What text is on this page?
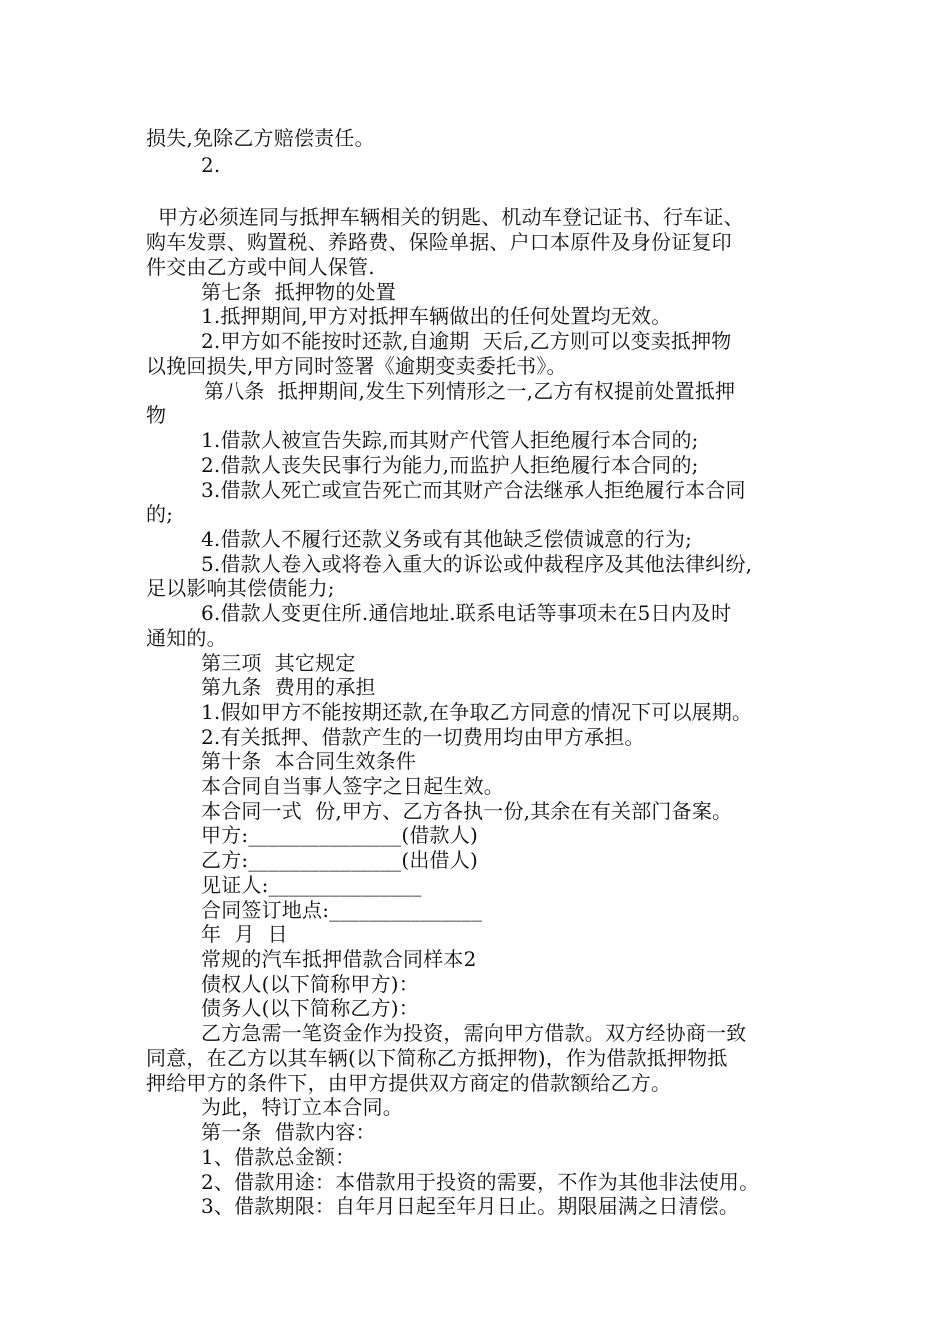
损失,免除乙方赔偿责任。

2.

甲方必须连同与抵押车辆相关的钥匙、机动车登记证书、行车证、

购车发票、购置税、养路费、保险单据、户口本原件及身份证复印

件交由乙方或中间人保管.

第七条  抵押物的处置

1.抵押期间,甲方对抵押车辆做出的任何处置均无效。

2.甲方如不能按时还款,自逾期  天后,乙方则可以变卖抵押物

以挽回损失,甲方同时签署《逾期变卖委托书》。

第八条  抵押期间,发生下列情形之一,乙方有权提前处置抵押

物

1.借款人被宣告失踪,而其财产代管人拒绝履行本合同的;

2.借款人丧失民事行为能力,而监护人拒绝履行本合同的;

3.借款人死亡或宣告死亡而其财产合法继承人拒绝履行本合同

的;

4.借款人不履行还款义务或有其他缺乏偿债诚意的行为;

5.借款人卷入或将卷入重大的诉讼或仲裁程序及其他法律纠纷,

足以影响其偿债能力;

6.借款人变更住所.通信地址.联系电话等事项未在5日内及时

通知的。

第三项  其它规定

第九条  费用的承担

1.假如甲方不能按期还款,在争取乙方同意的情况下可以展期。

2.有关抵押、借款产生的一切费用均由甲方承担。

第十条  本合同生效条件

本合同自当事人签字之日起生效。

本合同一式  份,甲方、乙方各执一份,其余在有关部门备案。

甲方:_______________(借款人)

乙方:_______________(出借人)

见证人:_______________

合同签订地点:_______________

年  月  日

常规的汽车抵押借款合同样本2

债权人(以下简称甲方)：

债务人(以下简称乙方)：

乙方急需一笔资金作为投资，需向甲方借款。双方经协商一致

同意，在乙方以其车辆(以下简称乙方抵押物)，作为借款抵押物抵

押给甲方的条件下，由甲方提供双方商定的借款额给乙方。

为此，特订立本合同。

第一条  借款内容：

1、借款总金额：

2、借款用途：本借款用于投资的需要，不作为其他非法使用。

3、借款期限：自年月日起至年月日止。期限届满之日清偿。
